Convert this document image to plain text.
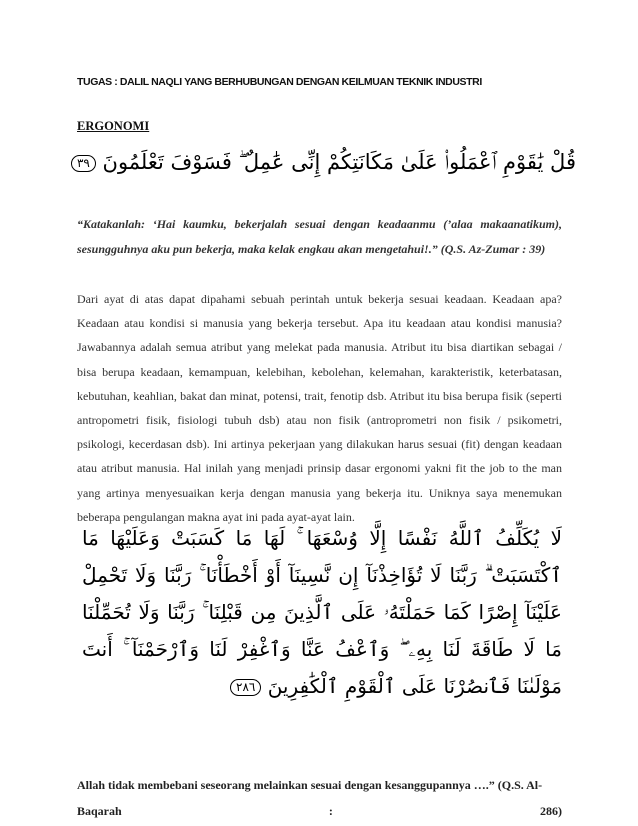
TUGAS : DALIL NAQLI YANG BERHUBUNGAN DENGAN KEILMUAN TEKNIK INDUSTRI
ERGONOMI
قُلْ يَٰقَوْمِ ٱعْمَلُوا۟ عَلَىٰ مَكَانَتِكُمْ إِنِّى عَٰمِلٌ ۖ فَسَوْفَ تَعْلَمُونَ ٣٩

“Katakanlah: ‘Hai kaumku, bekerjalah sesuai dengan keadaanmu (’alaa makaanatikum), sesungguhnya aku pun bekerja, maka kelak engkau akan mengetahui!.” (Q.S. Az-Zumar : 39)

Dari ayat di atas dapat dipahami sebuah perintah untuk bekerja sesuai keadaan. Keadaan apa? Keadaan atau kondisi si manusia yang bekerja tersebut. Apa itu keadaan atau kondisi manusia? Jawabannya adalah semua atribut yang melekat pada manusia. Atribut itu bisa diartikan sebagai / bisa berupa keadaan, kemampuan, kelebihan, kebolehan, kelemahan, karakteristik, keterbatasan, kebutuhan, keahlian, bakat dan minat, potensi, trait, fenotip dsb. Atribut itu bisa berupa fisik (seperti antropometri fisik, fisiologi tubuh dsb) atau non fisik (antroprometri non fisik / psikometri, psikologi, kecerdasan dsb). Ini artinya pekerjaan yang dilakukan harus sesuai (fit) dengan keadaan atau atribut manusia. Hal inilah yang menjadi prinsip dasar ergonomi yakni fit the job to the man yang artinya menyesuaikan kerja dengan manusia yang bekerja itu. Uniknya saya menemukan beberapa pengulangan makna ayat ini pada ayat-ayat lain.

لَا يُكَلِّفُ ٱللَّهُ نَفْسًا إِلَّا وُسْعَهَا ۚ لَهَا مَا كَسَبَتْ وَعَلَيْهَا مَا ٱكْتَسَبَتْ ۗ رَبَّنَا لَا تُؤَاخِذْنَآ إِن نَّسِينَآ أَوْ أَخْطَأْنَا ۚ رَبَّنَا وَلَا تَحْمِلْ عَلَيْنَآ إِصْرًا كَمَا حَمَلْتَهُۥ عَلَى ٱلَّذِينَ مِن قَبْلِنَا ۚ رَبَّنَا وَلَا تُحَمِّلْنَا مَا لَا طَاقَةَ لَنَا بِهِۦ ۖ وَٱعْفُ عَنَّا وَٱغْفِرْ لَنَا وَٱرْحَمْنَآ ۚ أَنتَ مَوْلَىٰنَا فَٱنصُرْنَا عَلَى ٱلْقَوْمِ ٱلْكَٰفِرِينَ ٢٨٦

Allah tidak membebani seseorang melainkan sesuai dengan kesanggupannya ….” (Q.S. Al-
Baqarah	:	286)
